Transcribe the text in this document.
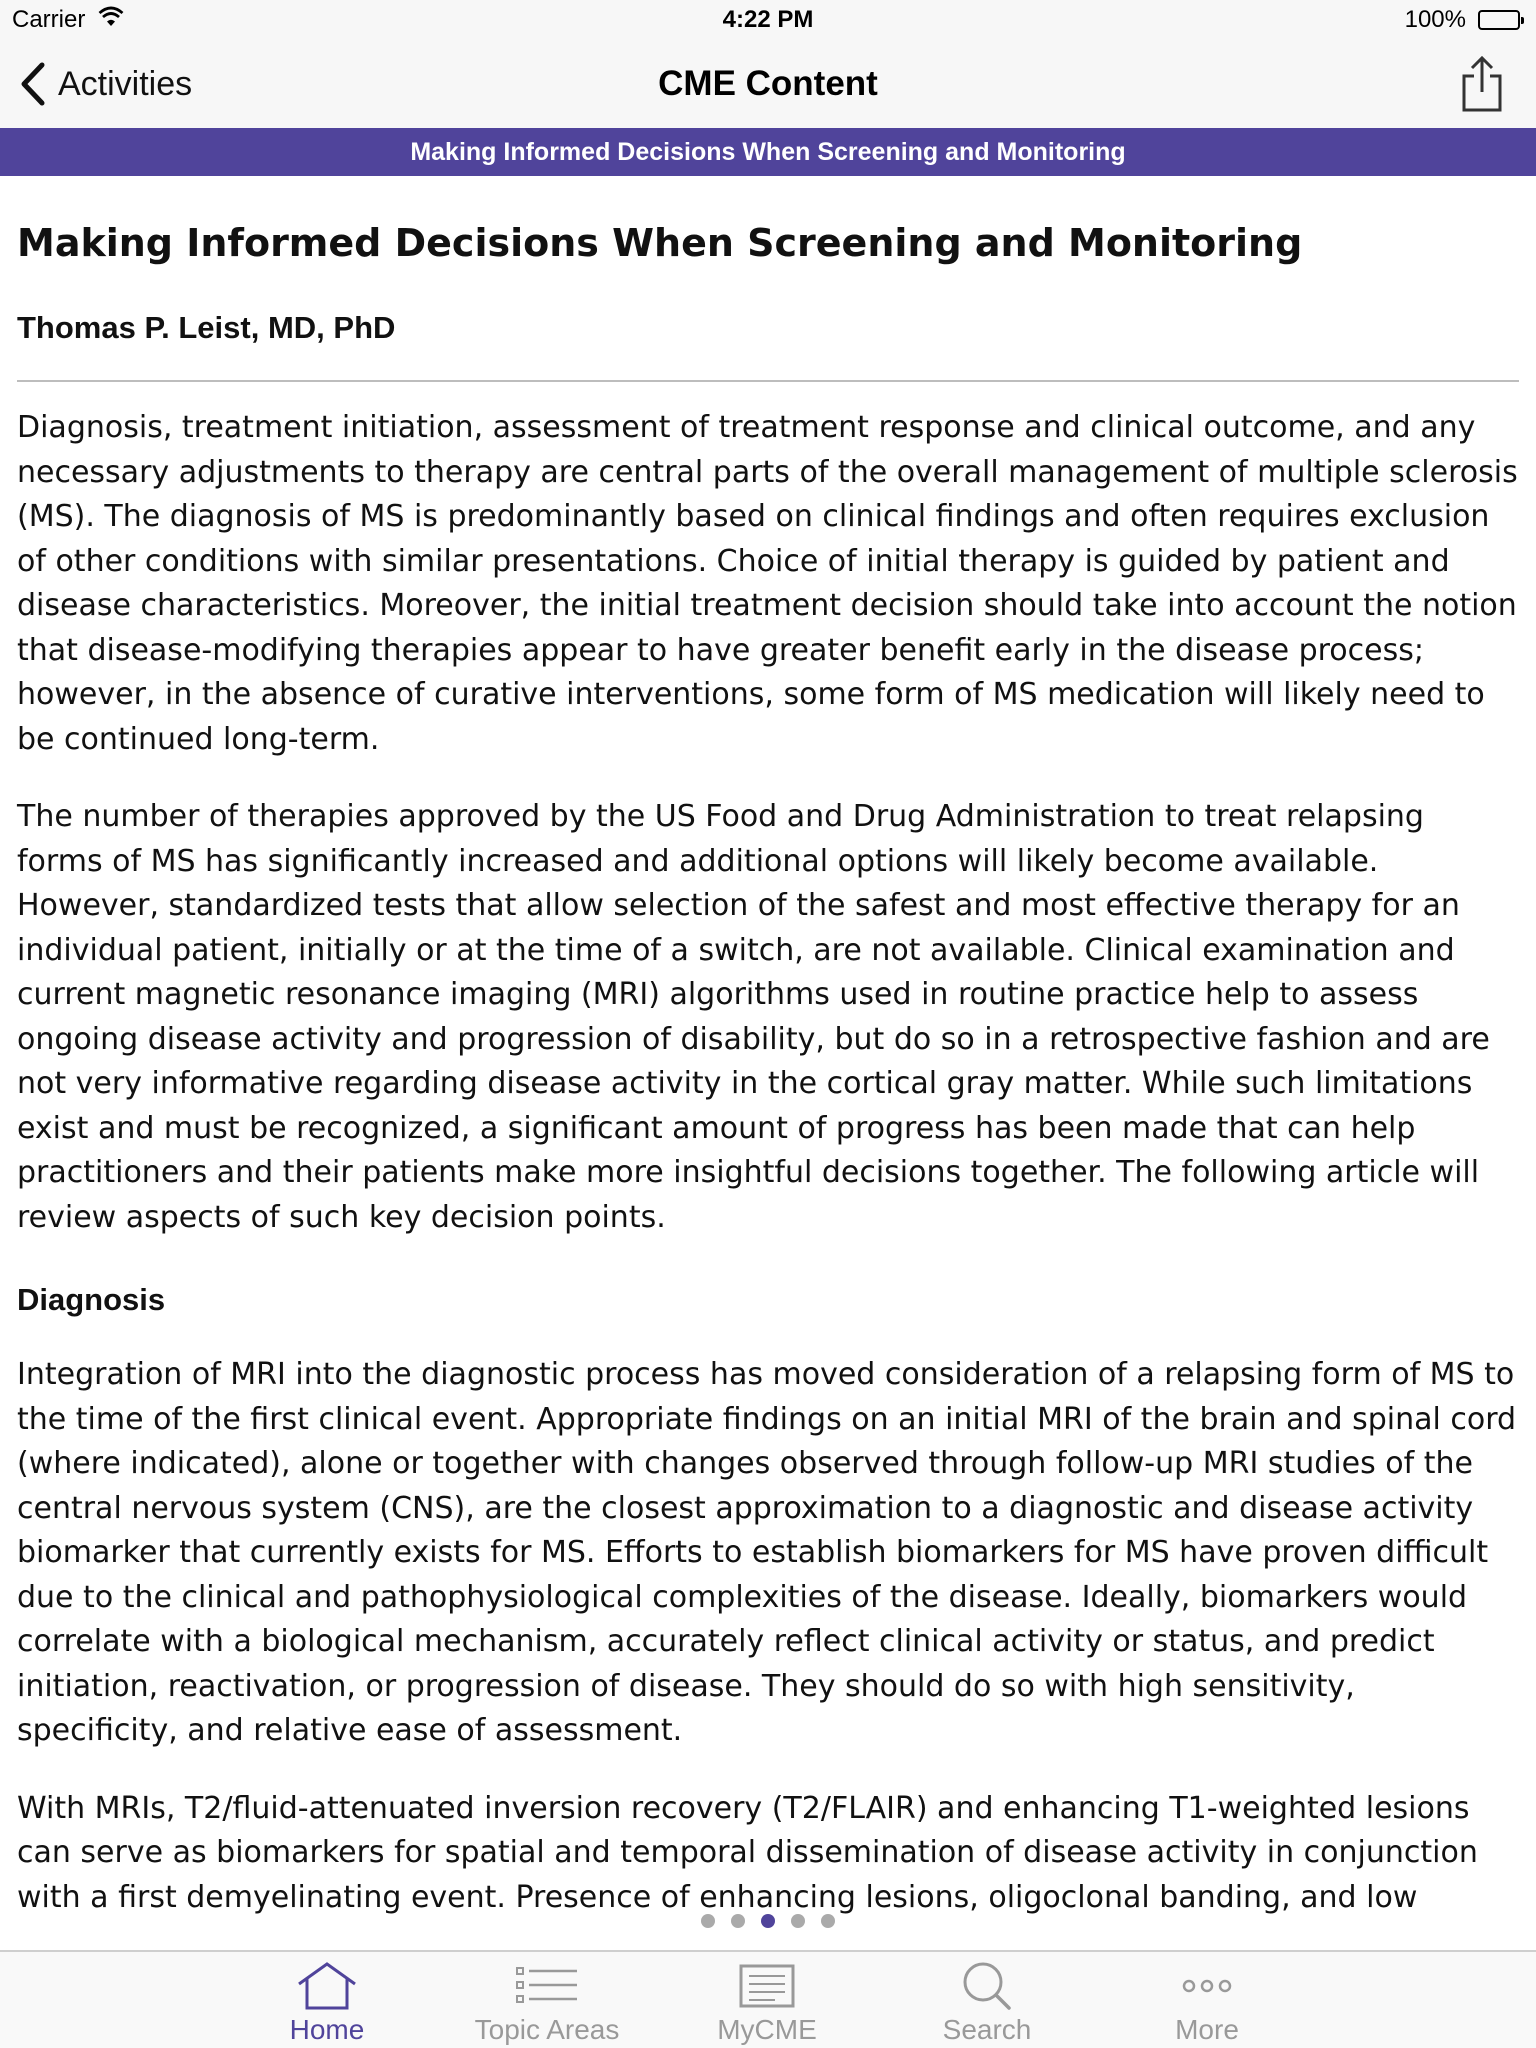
Carrier	4:22 PM	100%
Activities	CME Content
Making Informed Decisions When Screening and Monitoring
Making Informed Decisions When Screening and Monitoring
Thomas P. Leist, MD, PhD

Diagnosis, treatment initiation, assessment of treatment response and clinical outcome, and any necessary adjustments to therapy are central parts of the overall management of multiple sclerosis (MS). The diagnosis of MS is predominantly based on clinical findings and often requires exclusion of other conditions with similar presentations. Choice of initial therapy is guided by patient and disease characteristics. Moreover, the initial treatment decision should take into account the notion that disease-modifying therapies appear to have greater benefit early in the disease process; however, in the absence of curative interventions, some form of MS medication will likely need to be continued long-term.

The number of therapies approved by the US Food and Drug Administration to treat relapsing forms of MS has significantly increased and additional options will likely become available. However, standardized tests that allow selection of the safest and most effective therapy for an individual patient, initially or at the time of a switch, are not available. Clinical examination and current magnetic resonance imaging (MRI) algorithms used in routine practice help to assess ongoing disease activity and progression of disability, but do so in a retrospective fashion and are not very informative regarding disease activity in the cortical gray matter. While such limitations exist and must be recognized, a significant amount of progress has been made that can help practitioners and their patients make more insightful decisions together. The following article will review aspects of such key decision points.

Diagnosis

Integration of MRI into the diagnostic process has moved consideration of a relapsing form of MS to the time of the first clinical event. Appropriate findings on an initial MRI of the brain and spinal cord (where indicated), alone or together with changes observed through follow-up MRI studies of the central nervous system (CNS), are the closest approximation to a diagnostic and disease activity biomarker that currently exists for MS. Efforts to establish biomarkers for MS have proven difficult due to the clinical and pathophysiological complexities of the disease. Ideally, biomarkers would correlate with a biological mechanism, accurately reflect clinical activity or status, and predict initiation, reactivation, or progression of disease. They should do so with high sensitivity, specificity, and relative ease of assessment.

With MRIs, T2/fluid-attenuated inversion recovery (T2/FLAIR) and enhancing T1-weighted lesions can serve as biomarkers for spatial and temporal dissemination of disease activity in conjunction with a first demyelinating event. Presence of enhancing lesions, oligoclonal banding, and low

Home	Topic Areas	MyCME	Search	More
